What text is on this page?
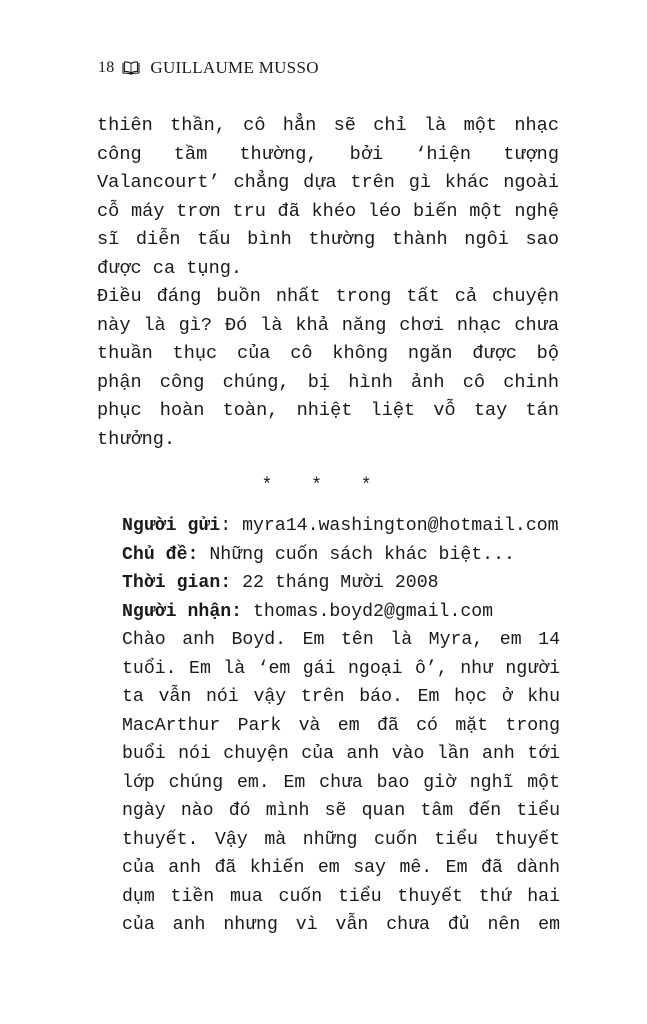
18 GUILLAUME MUSSO
thiên thần, cô hẳn sẽ chỉ là một nhạc
công tầm thường, bởi ‘hiện tượng
Valancourt’ chẳng dựa trên gì khác ngoài
cỗ máy trơn tru đã khéo léo biến một nghệ
sĩ diễn tấu bình thường thành ngôi sao
được ca tụng.
Điều đáng buồn nhất trong tất cả chuyện
này là gì? Đó là khả năng chơi nhạc chưa
thuần thục của cô không ngăn được bộ
phận công chúng, bị hình ảnh cô chinh
phục hoàn toàn, nhiệt liệt vỗ tay tán
thưởng.
* * *
Người gửi: myra14.washington@hotmail.com
Chủ đề: Những cuốn sách khác biệt...
Thời gian: 22 tháng Mười 2008
Người nhận: thomas.boyd2@gmail.com
Chào anh Boyd. Em tên là Myra, em 14
tuổi. Em là ‘em gái ngoại ô’, như người
ta vẫn nói vậy trên báo. Em học ở khu
MacArthur Park và em đã có mặt trong
buổi nói chuyện của anh vào lần anh tới
lớp chúng em. Em chưa bao giờ nghĩ một
ngày nào đó mình sẽ quan tâm đến tiểu
thuyết. Vậy mà những cuốn tiểu thuyết
của anh đã khiến em say mê. Em đã dành
dụm tiền mua cuốn tiểu thuyết thứ hai
của anh nhưng vì vẫn chưa đủ nên em
